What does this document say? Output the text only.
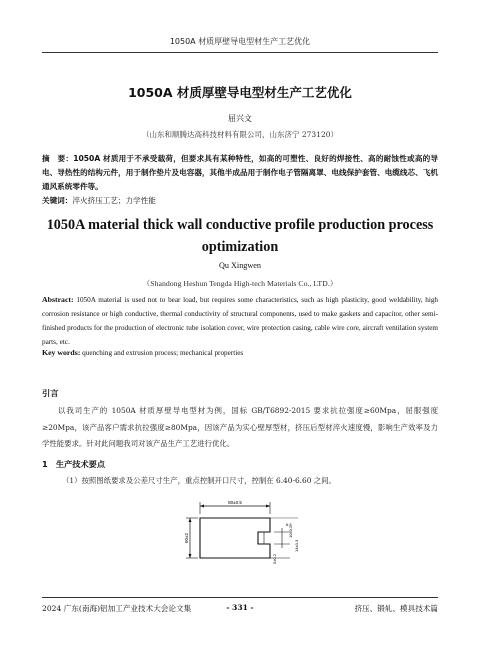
1050A 材质厚壁导电型材生产工艺优化
1050A 材质厚壁导电型材生产工艺优化
屈兴文
（山东和顺腾达高科技材料有限公司，山东济宁 273120）
摘　要：1050A 材质用于不承受载荷，但要求具有某种特性，如高的可塑性、良好的焊接性、高的耐蚀性或高的导电、导热性的结构元件，用于制作垫片及电容器，其他半成品用于制作电子管隔离罩、电线保护套管、电缆线芯、飞机通风系统零件等。
关键词：淬火挤压工艺；力学性能
1050A material thick wall conductive profile production process optimization
Qu Xingwen
（Shandong Heshun Tengda High-tech Materials Co., LTD.）
Abstract: 1050A material is used not to bear load, but requires some characteristics, such as high plasticity, good weldability, high corrosion resistance or high conductive, thermal conductivity of structural components, used to make gaskets and capacitor, other semi-finished products for the production of electronic tube isolation cover, wire protection casing, cable wire core, aircraft ventilation system parts, etc.
Key words: quenching and extrusion process; mechanical properties
引言
以我司生产的 1050A 材质厚壁导电型材为例，国标 GB/T6892-2015 要求抗拉强度≥60Mpa，屈服强度≥20Mpa，该产品客户需求抗拉强度≥80Mpa，因该产品为实心壁厚型材，挤压后型材淬火速度慢，影响生产效率及力学性能要求。针对此问题我司对该产品生产工艺进行优化。
1　生产技术要点
（1）按照图纸要求及公差尺寸生产，重点控制开口尺寸，控制在 6.40-6.60 之间。
80±0.5
60±2
6.5
10±0.2
5±0.2
14±0.3
2024 广东(南海)铝加工产业技术大会论文集	- 331 -	挤压、锻轧、模具技术篇
